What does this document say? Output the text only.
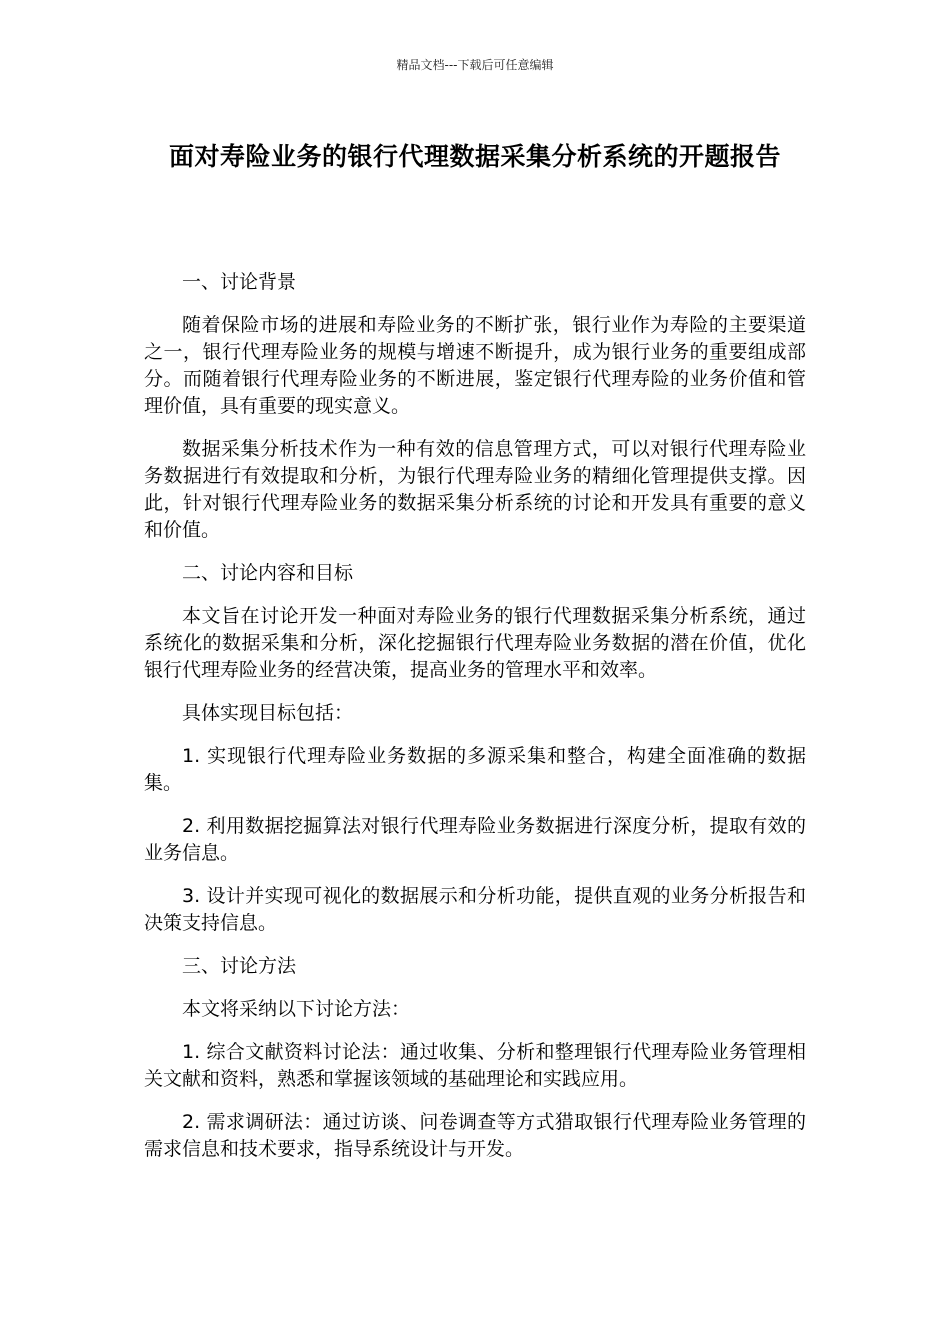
精品文档---下载后可任意编辑
面对寿险业务的银行代理数据采集分析系统的开题报告

一、讨论背景

随着保险市场的进展和寿险业务的不断扩张，银行业作为寿险的主要渠道之一，银行代理寿险业务的规模与增速不断提升，成为银行业务的重要组成部分。而随着银行代理寿险业务的不断进展，鉴定银行代理寿险的业务价值和管理价值，具有重要的现实意义。

数据采集分析技术作为一种有效的信息管理方式，可以对银行代理寿险业务数据进行有效提取和分析，为银行代理寿险业务的精细化管理提供支撑。因此，针对银行代理寿险业务的数据采集分析系统的讨论和开发具有重要的意义和价值。

二、讨论内容和目标

本文旨在讨论开发一种面对寿险业务的银行代理数据采集分析系统，通过系统化的数据采集和分析，深化挖掘银行代理寿险业务数据的潜在价值，优化银行代理寿险业务的经营决策，提高业务的管理水平和效率。

具体实现目标包括：

1. 实现银行代理寿险业务数据的多源采集和整合，构建全面准确的数据集。

2. 利用数据挖掘算法对银行代理寿险业务数据进行深度分析，提取有效的业务信息。

3. 设计并实现可视化的数据展示和分析功能，提供直观的业务分析报告和决策支持信息。

三、讨论方法

本文将采纳以下讨论方法：

1. 综合文献资料讨论法：通过收集、分析和整理银行代理寿险业务管理相关文献和资料，熟悉和掌握该领域的基础理论和实践应用。

2. 需求调研法：通过访谈、问卷调查等方式猎取银行代理寿险业务管理的需求信息和技术要求，指导系统设计与开发。
